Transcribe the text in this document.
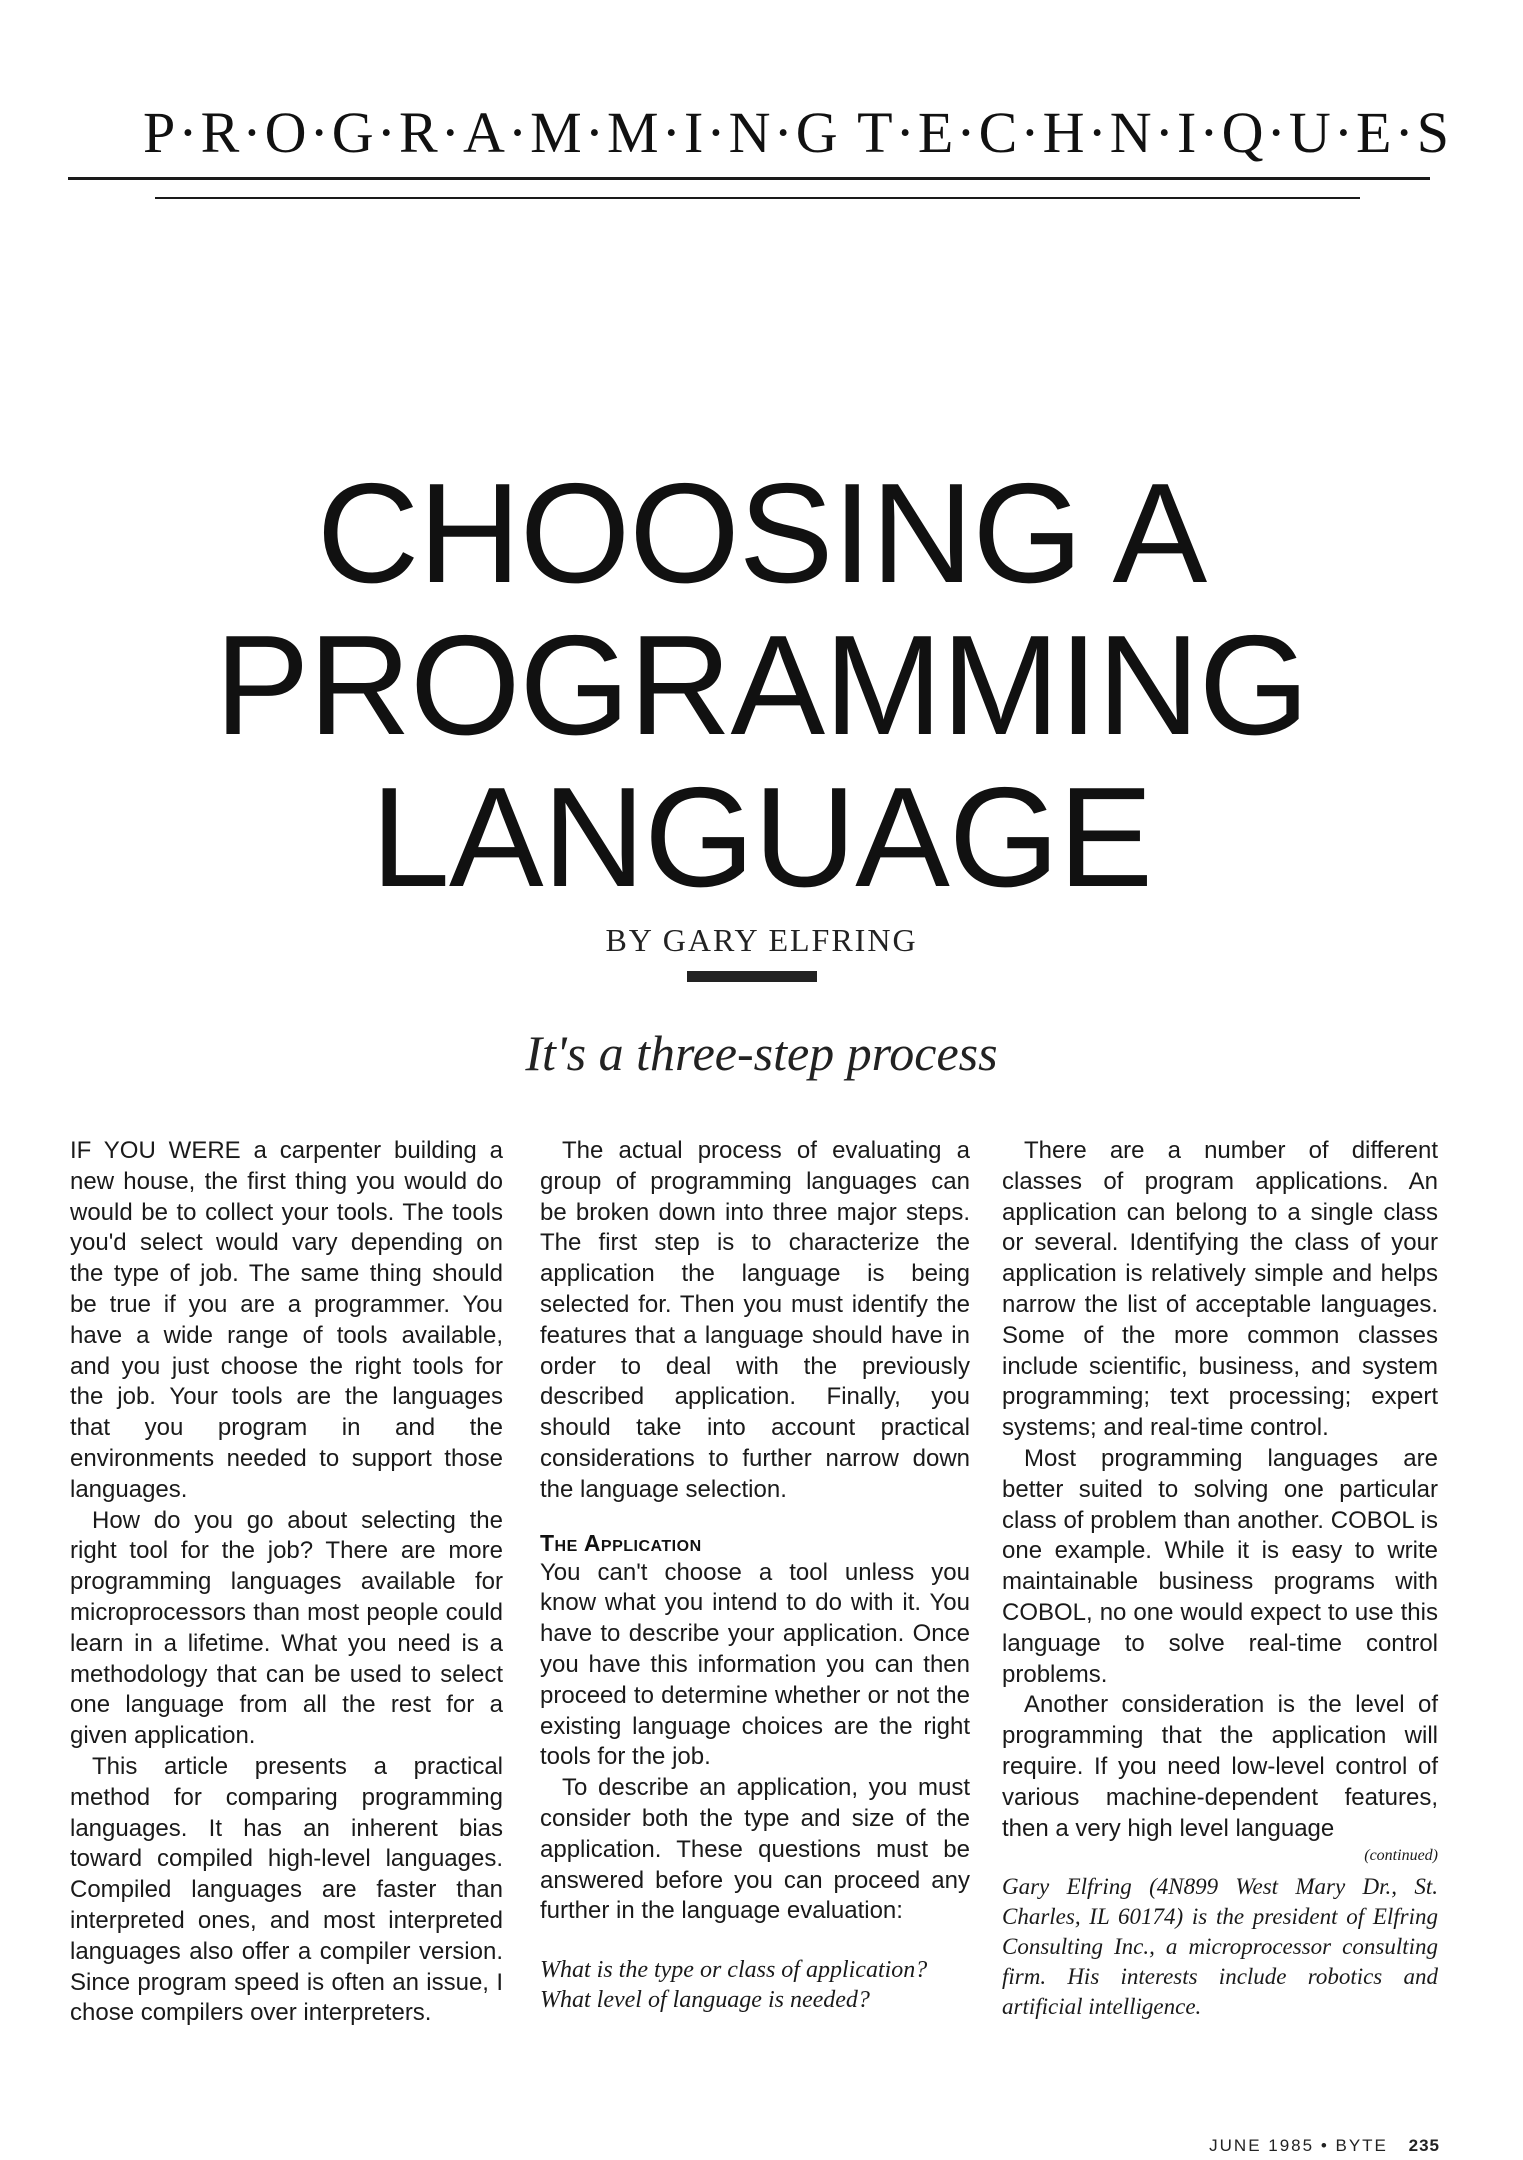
P·R·O·G·R·A·M·M·I·N·G T·E·C·H·N·I·Q·U·E·S
CHOOSING A
PROGRAMMING
LANGUAGE
BY GARY ELFRING
It's a three-step process

IF YOU WERE a carpenter building a new house, the first thing you would do would be to collect your tools. The tools you'd select would vary depending on the type of job. The same thing should be true if you are a programmer. You have a wide range of tools available, and you just choose the right tools for the job. Your tools are the languages that you program in and the environments needed to support those languages.

How do you go about selecting the right tool for the job? There are more programming languages available for microprocessors than most people could learn in a lifetime. What you need is a methodology that can be used to select one language from all the rest for a given application.

This article presents a practical method for comparing programming languages. It has an inherent bias toward compiled high-level languages. Compiled languages are faster than interpreted ones, and most interpreted languages also offer a compiler version. Since program speed is often an issue, I chose compilers over interpreters.

The actual process of evaluating a group of programming languages can be broken down into three major steps. The first step is to characterize the application the language is being selected for. Then you must identify the features that a language should have in order to deal with the previously described application. Finally, you should take into account practical considerations to further narrow down the language selection.

The Application

You can't choose a tool unless you know what you intend to do with it. You have to describe your application. Once you have this information you can then proceed to determine whether or not the existing language choices are the right tools for the job.

To describe an application, you must consider both the type and size of the application. These questions must be answered before you can proceed any further in the language evaluation:

What is the type or class of application?
What level of language is needed?

There are a number of different classes of program applications. An application can belong to a single class or several. Identifying the class of your application is relatively simple and helps narrow the list of acceptable languages. Some of the more common classes include scientific, business, and system programming; text processing; expert systems; and real-time control.

Most programming languages are better suited to solving one particular class of problem than another. COBOL is one example. While it is easy to write maintainable business programs with COBOL, no one would expect to use this language to solve real-time control problems.

Another consideration is the level of programming that the application will require. If you need low-level control of various machine-dependent features, then a very high level language

(continued)
Gary Elfring (4N899 West Mary Dr., St. Charles, IL 60174) is the president of Elfring Consulting Inc., a microprocessor consulting firm. His interests include robotics and artificial intelligence.
JUNE 1985 • BYTE 235
